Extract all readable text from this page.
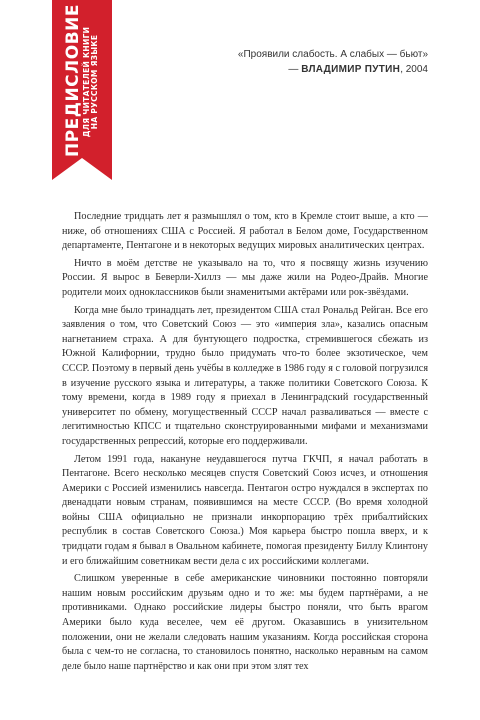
ПРЕДИСЛОВИЕ
ДЛЯ ЧИТАТЕЛЕЙ КНИГИ
НА РУССКОМ ЯЗЫКЕ	«Проявили слабость. А слабых — бьют»
— ВЛАДИМИР ПУТИН, 2004

Последние тридцать лет я размышлял о том, кто в Кремле стоит выше, а кто — ниже, об отношениях США с Россией. Я работал в Белом доме, Государственном департаменте, Пентагоне и в некоторых ведущих мировых аналитических центрах.

Ничто в моём детстве не указывало на то, что я посвящу жизнь изучению России. Я вырос в Беверли-Хиллз — мы даже жили на Родео-Драйв. Многие родители моих одноклассников были знаменитыми актёрами или рок-звёздами.

Когда мне было тринадцать лет, президентом США стал Рональд Рейган. Все его заявления о том, что Советский Союз — это «империя зла», казались опасным нагнетанием страха. А для бунтующего подростка, стремившегося сбежать из Южной Калифорнии, трудно было придумать что-то более экзотическое, чем СССР. Поэтому в первый день учёбы в колледже в 1986 году я с головой погрузился в изучение русского языка и литературы, а также политики Советского Союза. К тому времени, когда в 1989 году я приехал в Ленинградский государственный университет по обмену, могущественный СССР начал разваливаться — вместе с легитимностью КПСС и тщательно сконструированными мифами и механизмами государственных репрессий, которые его поддерживали.

Летом 1991 года, накануне неудавшегося путча ГКЧП, я начал работать в Пентагоне. Всего несколько месяцев спустя Советский Союз исчез, и отношения Америки с Россией изменились навсегда. Пентагон остро нуждался в экспертах по двенадцати новым странам, появившимся на месте СССР. (Во время холодной войны США официально не признали инкорпорацию трёх прибалтийских республик в состав Советского Союза.) Моя карьера быстро пошла вверх, и к тридцати годам я бывал в Овальном кабинете, помогая президенту Биллу Клинтону и его ближайшим советникам вести дела с их российскими коллегами.

Слишком уверенные в себе американские чиновники постоянно повторяли нашим новым российским друзьям одно и то же: мы будем партнёрами, а не противниками. Однако российские лидеры быстро поняли, что быть врагом Америки было куда веселее, чем её другом. Оказавшись в унизительном положении, они не желали следовать нашим указаниям. Когда российская сторона была с чем-то не согласна, то становилось понятно, насколько неравным на самом деле было наше партнёрство и как они при этом злят тех
